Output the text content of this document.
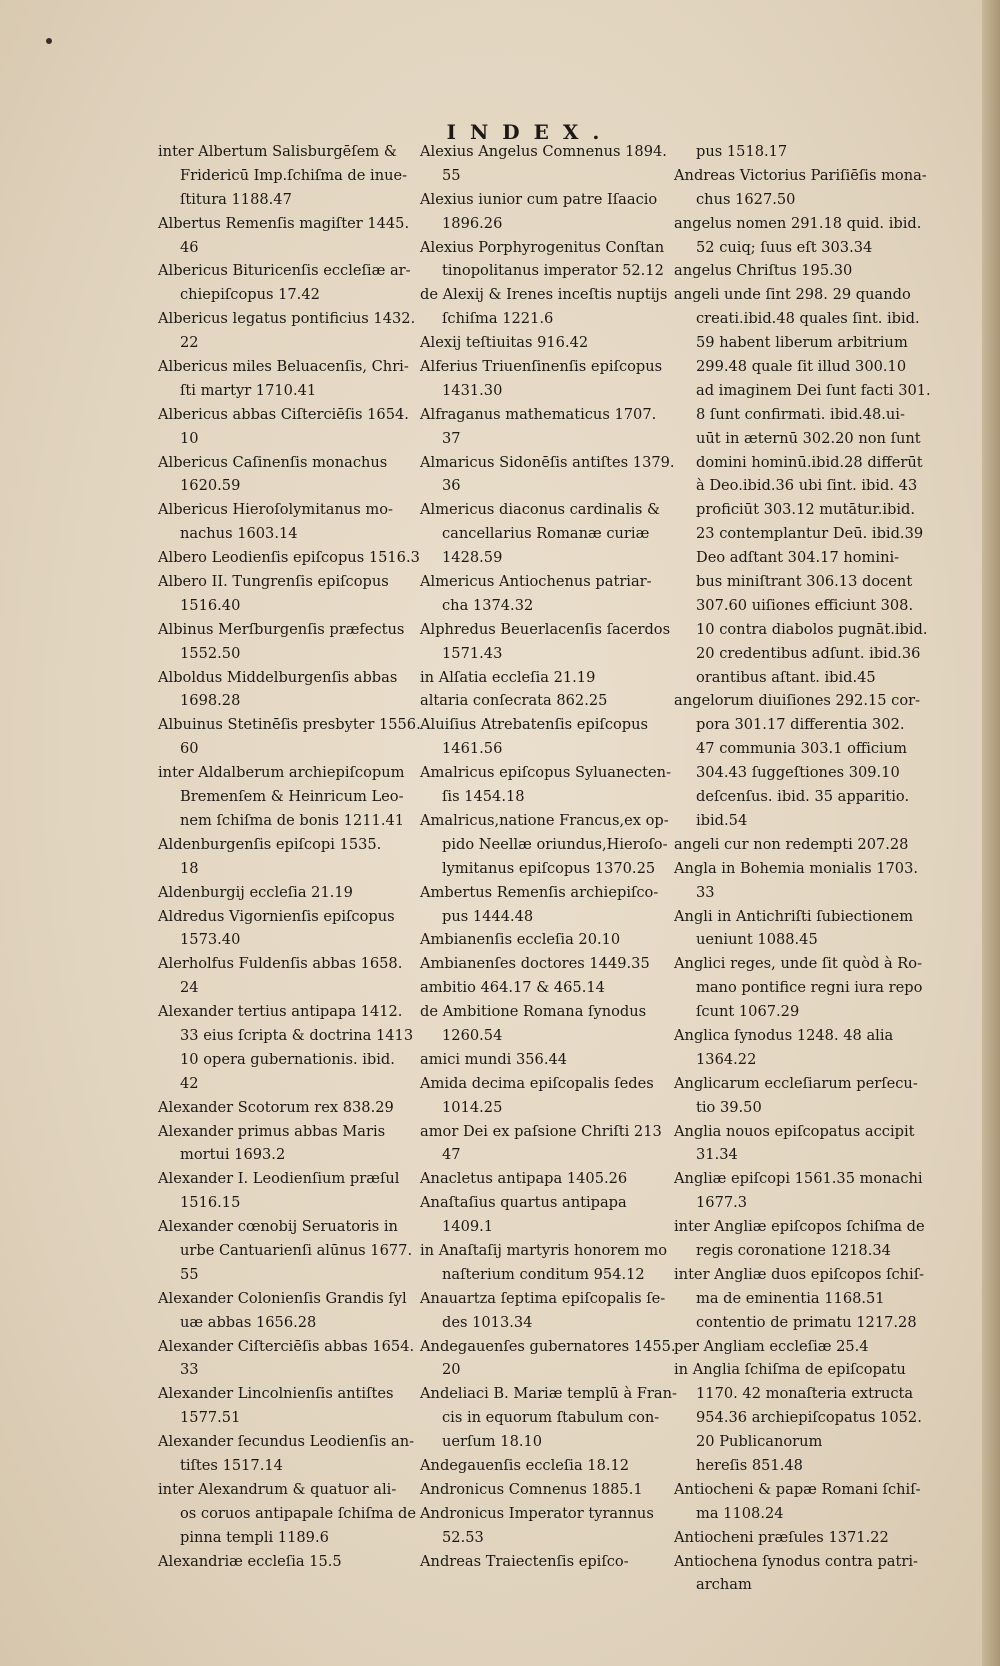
INDEX.
inter Albertum Salisburgēſem &
Fridericū Imp.ſchiſma de inue-
ſtitura 1188.47
Albertus Remenſis magiſter 1445.
46
Albericus Bituricenſis eccleſiæ ar-
chiepiſcopus 17.42
Albericus legatus pontificius 1432.
22
Albericus miles Beluacenſis, Chri-
ſti martyr 1710.41
Albericus abbas Ciſterciēſis 1654.
10
Albericus Caſinenſis monachus
1620.59
Albericus Hieroſolymitanus mo-
nachus 1603.14
Albero Leodienſis epiſcopus 1516.3
Albero II. Tungrenſis epiſcopus
1516.40
Albinus Merſburgenſis præfectus
1552.50
Alboldus Middelburgenſis abbas
1698.28
Albuinus Stetinēſis presbyter 1556.
60
inter Aldalberum archiepiſcopum
Bremenſem & Heinricum Leo-
nem ſchiſma de bonis 1211.41
Aldenburgenſis epiſcopi 1535.
18
Aldenburgij eccleſia 21.19
Aldredus Vigornienſis epiſcopus
1573.40
Alerholfus Fuldenſis abbas 1658.
24
Alexander tertius antipapa 1412.
33 eius ſcripta & doctrina 1413
10 opera gubernationis. ibid.
42
Alexander Scotorum rex 838.29
Alexander primus abbas Maris
mortui 1693.2
Alexander I. Leodienſium præſul
1516.15
Alexander cœnobij Seruatoris in
urbe Cantuarienſi alūnus 1677.
55
Alexander Colonienſis Grandis ſyl
uæ abbas 1656.28
Alexander Ciſterciēſis abbas 1654.
33
Alexander Lincolnienſis antiſtes
1577.51
Alexander ſecundus Leodienſis an-
tiſtes 1517.14
inter Alexandrum & quatuor ali-
os coruos antipapale ſchiſma de
pinna templi 1189.6
Alexandriæ eccleſia 15.5
Alexius Angelus Comnenus 1894.
55
Alexius iunior cum patre Iſaacio
1896.26
Alexius Porphyrogenitus Conſtan
tinopolitanus imperator 52.12
de Alexij & Irenes inceſtis nuptijs
ſchiſma 1221.6
Alexij teſtiuitas 916.42
Alferius Triuenſinenſis epiſcopus
1431.30
Alfraganus mathematicus 1707.
37
Almaricus Sidonēſis antiſtes 1379.
36
Almericus diaconus cardinalis &
cancellarius Romanæ curiæ
1428.59
Almericus Antiochenus patriar-
cha 1374.32
Alphredus Beuerlacenſis ſacerdos
1571.43
in Alſatia eccleſia 21.19
altaria conſecrata 862.25
Aluiſius Atrebatenſis epiſcopus
1461.56
Amalricus epiſcopus Syluanecten-
ſis 1454.18
Amalricus,natione Francus,ex op-
pido Neellæ oriundus,Hieroſo-
lymitanus epiſcopus 1370.25
Ambertus Remenſis archiepiſco-
pus 1444.48
Ambianenſis eccleſia 20.10
Ambianenſes doctores 1449.35
ambitio 464.17 & 465.14
de Ambitione Romana ſynodus
1260.54
amici mundi 356.44
Amida decima epiſcopalis ſedes
1014.25
amor Dei ex paſsione Chriſti 213
47
Anacletus antipapa 1405.26
Anaſtaſius quartus antipapa
1409.1
in Anaſtaſij martyris honorem mo
naſterium conditum 954.12
Anauartza ſeptima epiſcopalis ſe-
des 1013.34
Andegauenſes gubernatores 1455.
20
Andeliaci B. Mariæ templū à Fran-
cis in equorum ſtabulum con-
uerſum 18.10
Andegauenſis eccleſia 18.12
Andronicus Comnenus 1885.1
Andronicus Imperator tyrannus
52.53
Andreas Traiectenſis epiſco-
pus 1518.17
Andreas Victorius Pariſiēſis mona-
chus 1627.50
angelus nomen 291.18 quid. ibid.
52 cuiq; ſuus eſt 303.34
angelus Chriſtus 195.30
angeli unde ſint 298. 29 quando
creati.ibid.48 quales ſint. ibid.
59 habent liberum arbitrium
299.48 quale ſit illud 300.10
ad imaginem Dei ſunt facti 301.
8 ſunt confirmati. ibid.48.ui-
uūt in æternū 302.20 non ſunt
domini hominū.ibid.28 differūt
à Deo.ibid.36 ubi ſint. ibid. 43
proficiūt 303.12 mutātur.ibid.
23 contemplantur Deū. ibid.39
Deo adſtant 304.17 homini-
bus miniſtrant 306.13 docent
307.60 uiſiones efficiunt 308.
10 contra diabolos pugnāt.ibid.
20 credentibus adſunt. ibid.36
orantibus aſtant. ibid.45
angelorum diuiſiones 292.15 cor-
pora 301.17 differentia 302.
47 communia 303.1 officium
304.43 ſuggeſtiones 309.10
deſcenſus. ibid. 35 apparitio.
ibid.54
angeli cur non redempti 207.28
Angla in Bohemia monialis 1703.
33
Angli in Antichriſti ſubiectionem
ueniunt 1088.45
Anglici reges, unde ſit quòd à Ro-
mano pontifice regni iura repo
ſcunt 1067.29
Anglica ſynodus 1248. 48 alia
1364.22
Anglicarum eccleſiarum perſecu-
tio 39.50
Anglia nouos epiſcopatus accipit
31.34
Angliæ epiſcopi 1561.35 monachi
1677.3
inter Angliæ epiſcopos ſchiſma de
regis coronatione 1218.34
inter Angliæ duos epiſcopos ſchiſ-
ma de eminentia 1168.51
contentio de primatu 1217.28
per Angliam eccleſiæ 25.4
in Anglia ſchiſma de epiſcopatu
1170. 42 monaſteria extructa
954.36 archiepiſcopatus 1052.
20 Publicanorum
hereſis 851.48
Antiocheni & papæ Romani ſchiſ-
ma 1108.24
Antiocheni præſules 1371.22
Antiochena ſynodus contra patri-
archam
